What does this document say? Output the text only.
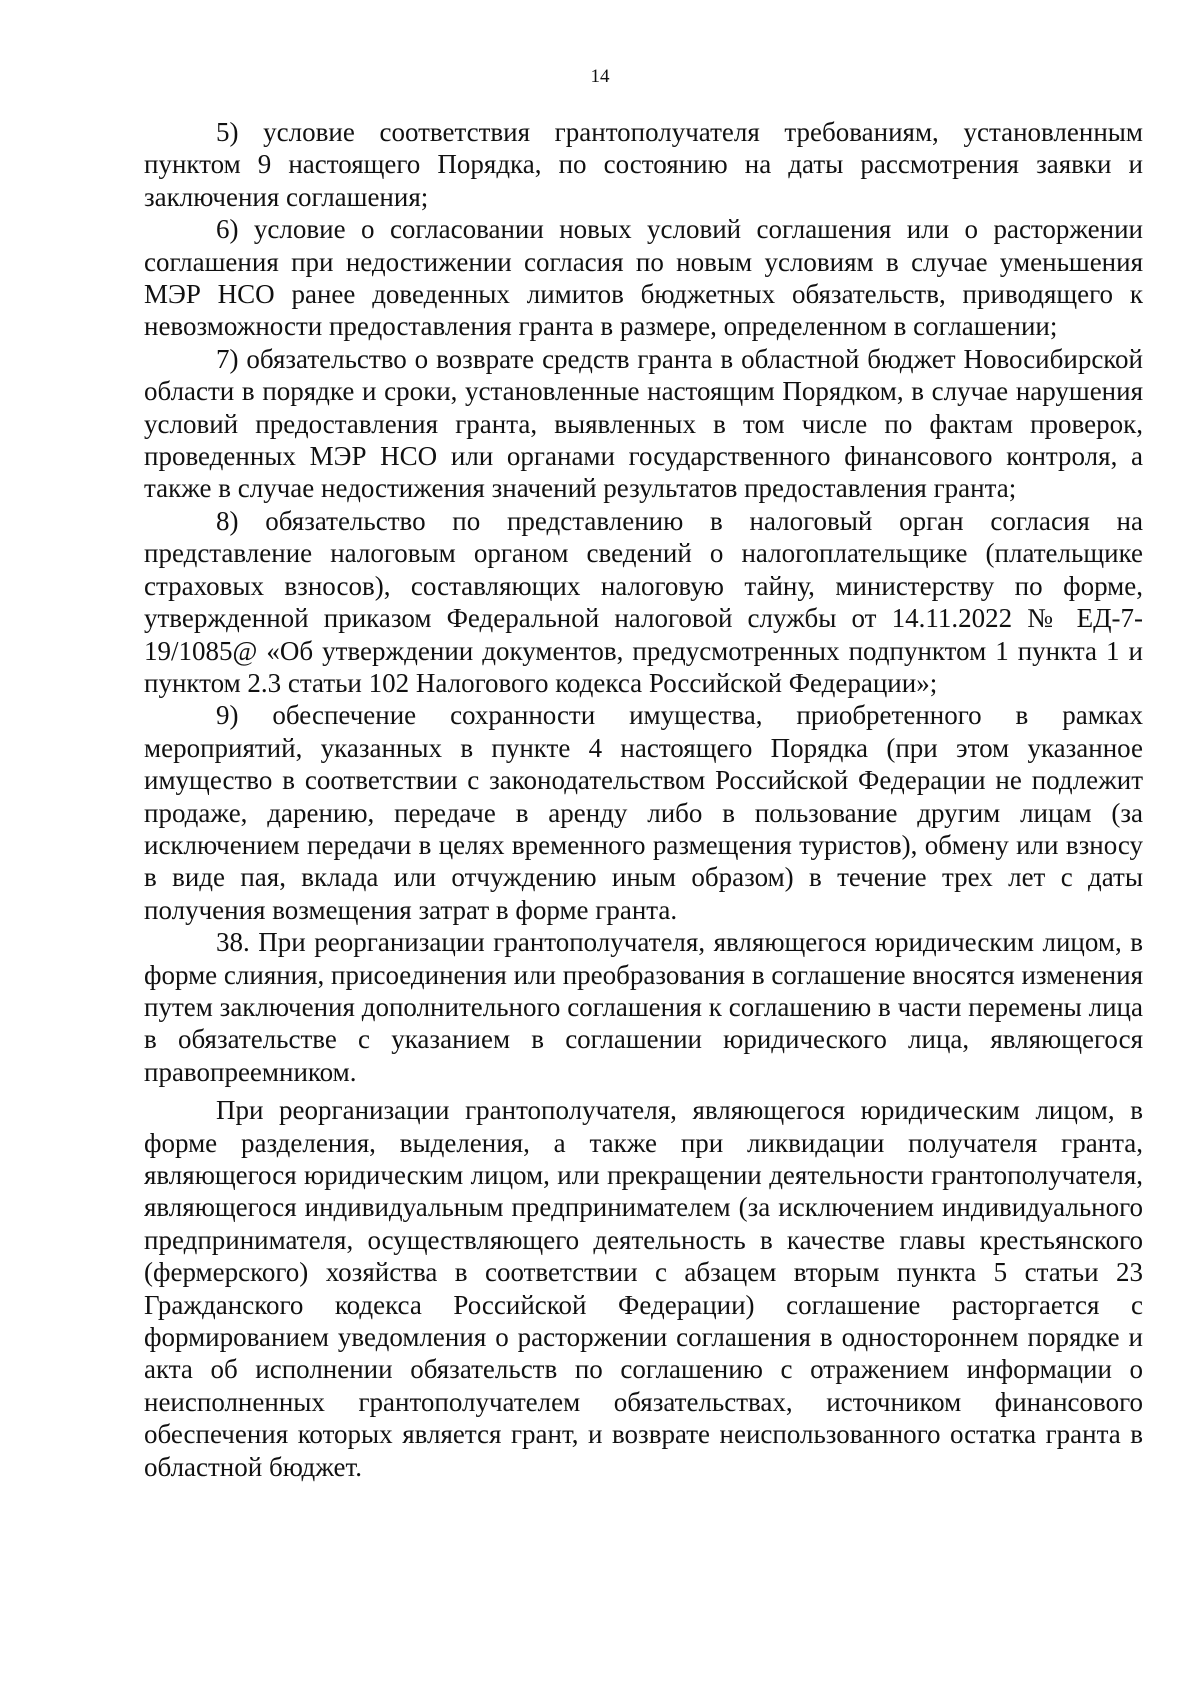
14

5) условие соответствия грантополучателя требованиям, установленным пунктом 9 настоящего Порядка, по состоянию на даты рассмотрения заявки и заключения соглашения;

6) условие о согласовании новых условий соглашения или о расторжении соглашения при недостижении согласия по новым условиям в случае уменьшения МЭР НСО ранее доведенных лимитов бюджетных обязательств, приводящего к невозможности предоставления гранта в размере, определенном в соглашении;

7) обязательство о возврате средств гранта в областной бюджет Новосибирской области в порядке и сроки, установленные настоящим Порядком, в случае нарушения условий предоставления гранта, выявленных в том числе по фактам проверок, проведенных МЭР НСО или органами государственного финансового контроля, а также в случае недостижения значений результатов предоставления гранта;

8) обязательство по представлению в налоговый орган согласия на представление налоговым органом сведений о налогоплательщике (плательщике страховых взносов), составляющих налоговую тайну, министерству по форме, утвержденной приказом Федеральной налоговой службы от 14.11.2022 № ЕД-7-19/1085@ «Об утверждении документов, предусмотренных подпунктом 1 пункта 1 и пунктом 2.3 статьи 102 Налогового кодекса Российской Федерации»;

9) обеспечение сохранности имущества, приобретенного в рамках мероприятий, указанных в пункте 4 настоящего Порядка (при этом указанное имущество в соответствии с законодательством Российской Федерации не подлежит продаже, дарению, передаче в аренду либо в пользование другим лицам (за исключением передачи в целях временного размещения туристов), обмену или взносу в виде пая, вклада или отчуждению иным образом) в течение трех лет с даты получения возмещения затрат в форме гранта.

38. При реорганизации грантополучателя, являющегося юридическим лицом, в форме слияния, присоединения или преобразования в соглашение вносятся изменения путем заключения дополнительного соглашения к соглашению в части перемены лица в обязательстве с указанием в соглашении юридического лица, являющегося правопреемником.

При реорганизации грантополучателя, являющегося юридическим лицом, в форме разделения, выделения, а также при ликвидации получателя гранта, являющегося юридическим лицом, или прекращении деятельности грантополучателя, являющегося индивидуальным предпринимателем (за исключением индивидуального предпринимателя, осуществляющего деятельность в качестве главы крестьянского (фермерского) хозяйства в соответствии с абзацем вторым пункта 5 статьи 23 Гражданского кодекса Российской Федерации) соглашение расторгается с формированием уведомления о расторжении соглашения в одностороннем порядке и акта об исполнении обязательств по соглашению с отражением информации о неисполненных грантополучателем обязательствах, источником финансового обеспечения которых является грант, и возврате неиспользованного остатка гранта в областной бюджет.
